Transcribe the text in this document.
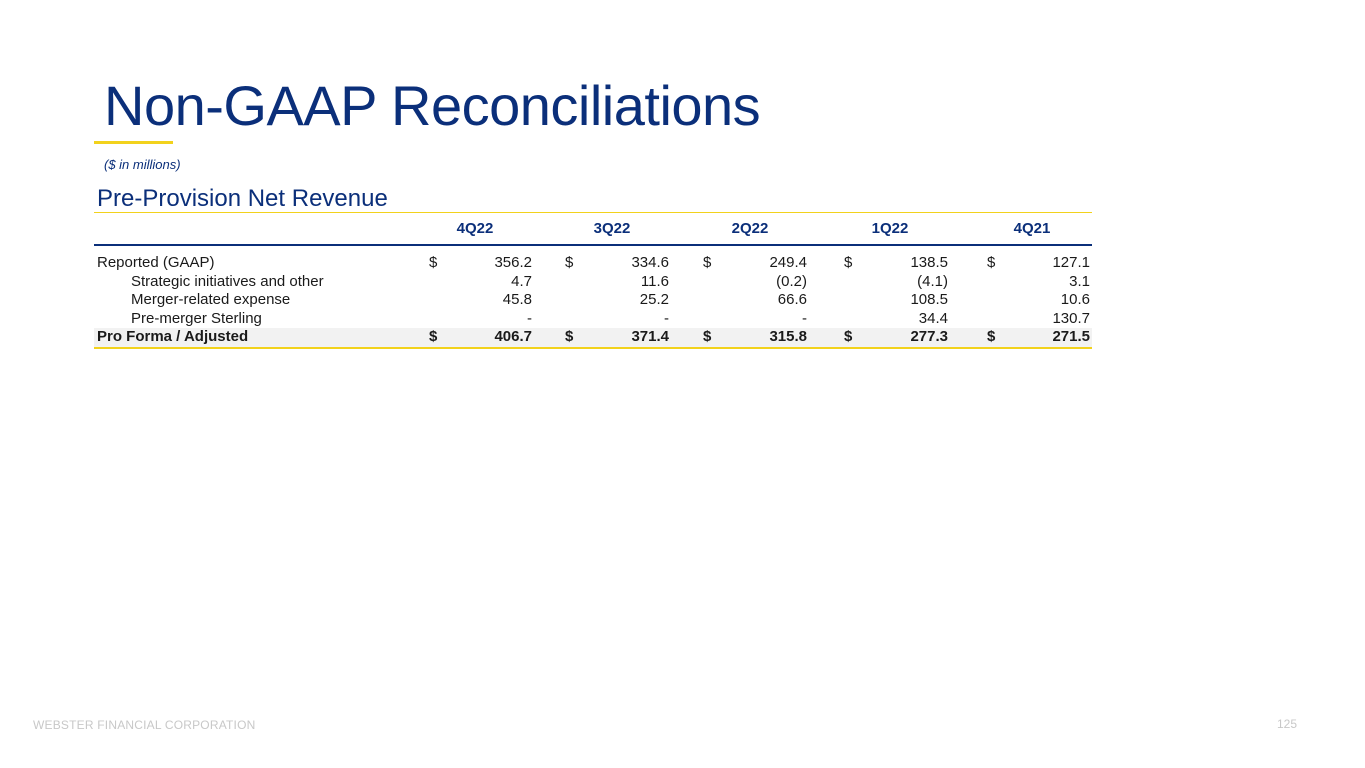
Non-GAAP Reconciliations
($ in millions)
Pre-Provision Net Revenue
4Q22	3Q22	2Q22	1Q22	4Q21
Reported (GAAP)	$	356.2 $	334.6 $	249.4 $	138.5	$	127.1
Strategic initiatives and other	4.7	11.6	(0.2)	(4.1)	3.1
Merger-related expense	45.8	25.2	66.6	108.5	10.6
Pre-merger Sterling	-	-	-	34.4	130.7
Pro Forma / Adjusted	$	406.7 $	371.4 $	315.8 $	277.3	$	271.5
WEBSTER FINANCIAL CORPORATION	125
